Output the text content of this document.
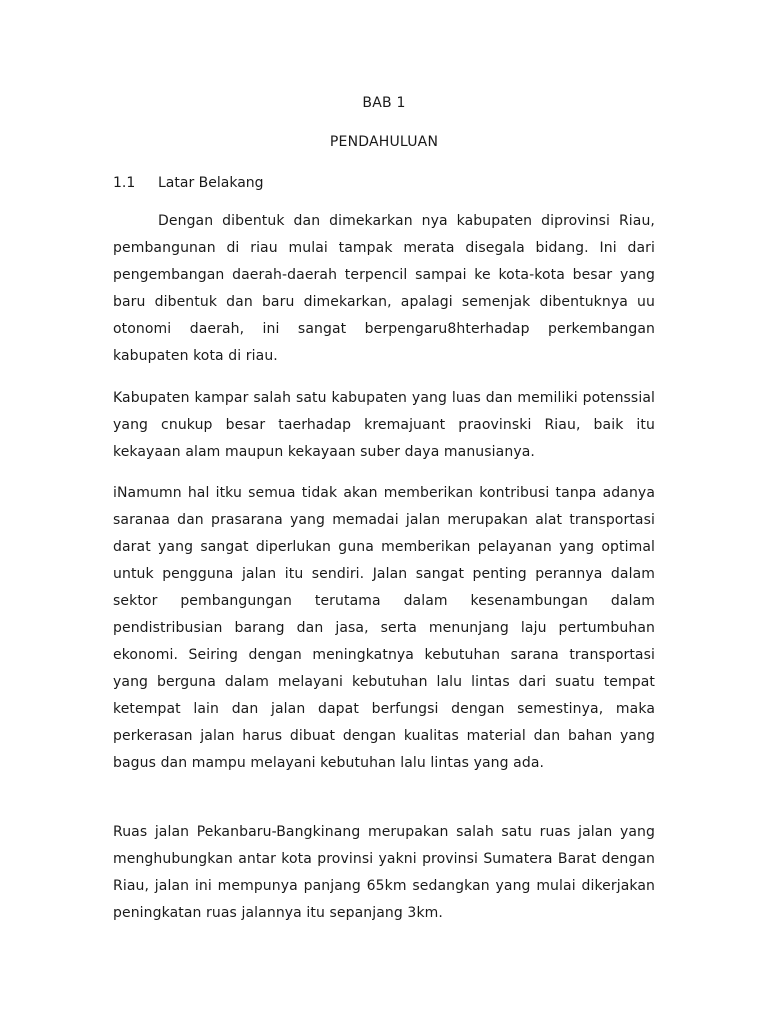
BAB 1
PENDAHULUAN
1.1 Latar Belakang

Dengan dibentuk dan dimekarkan nya kabupaten diprovinsi Riau, pembangunan di riau mulai tampak merata disegala bidang. Ini dari pengembangan daerah-daerah terpencil sampai ke kota-kota besar yang baru dibentuk dan baru dimekarkan, apalagi semenjak dibentuknya uu otonomi daerah, ini sangat berpengaru8hterhadap perkembangan kabupaten kota di riau.

Kabupaten kampar salah satu kabupaten yang luas dan memiliki potenssial yang cnukup besar taerhadap kremajuant praovinski Riau, baik itu kekayaan alam maupun kekayaan suber daya manusianya.

iNamumn hal itku semua tidak akan memberikan kontribusi tanpa adanya saranaa dan prasarana yang memadai jalan merupakan alat transportasi darat yang sangat diperlukan guna memberikan pelayanan yang optimal untuk pengguna jalan itu sendiri. Jalan sangat penting perannya dalam sektor pembangungan terutama dalam kesenambungan dalam pendistribusian barang dan jasa, serta menunjang laju pertumbuhan ekonomi. Seiring dengan meningkatnya kebutuhan sarana transportasi yang berguna dalam melayani kebutuhan lalu lintas dari suatu tempat ketempat lain dan jalan dapat berfungsi dengan semestinya, maka perkerasan jalan harus dibuat dengan kualitas material dan bahan yang bagus dan mampu melayani kebutuhan lalu lintas yang ada.

Ruas jalan Pekanbaru-Bangkinang merupakan salah satu ruas jalan yang menghubungkan antar kota provinsi yakni provinsi Sumatera Barat dengan Riau, jalan ini mempunya panjang 65km sedangkan yang mulai dikerjakan peningkatan ruas jalannya itu sepanjang 3km.
